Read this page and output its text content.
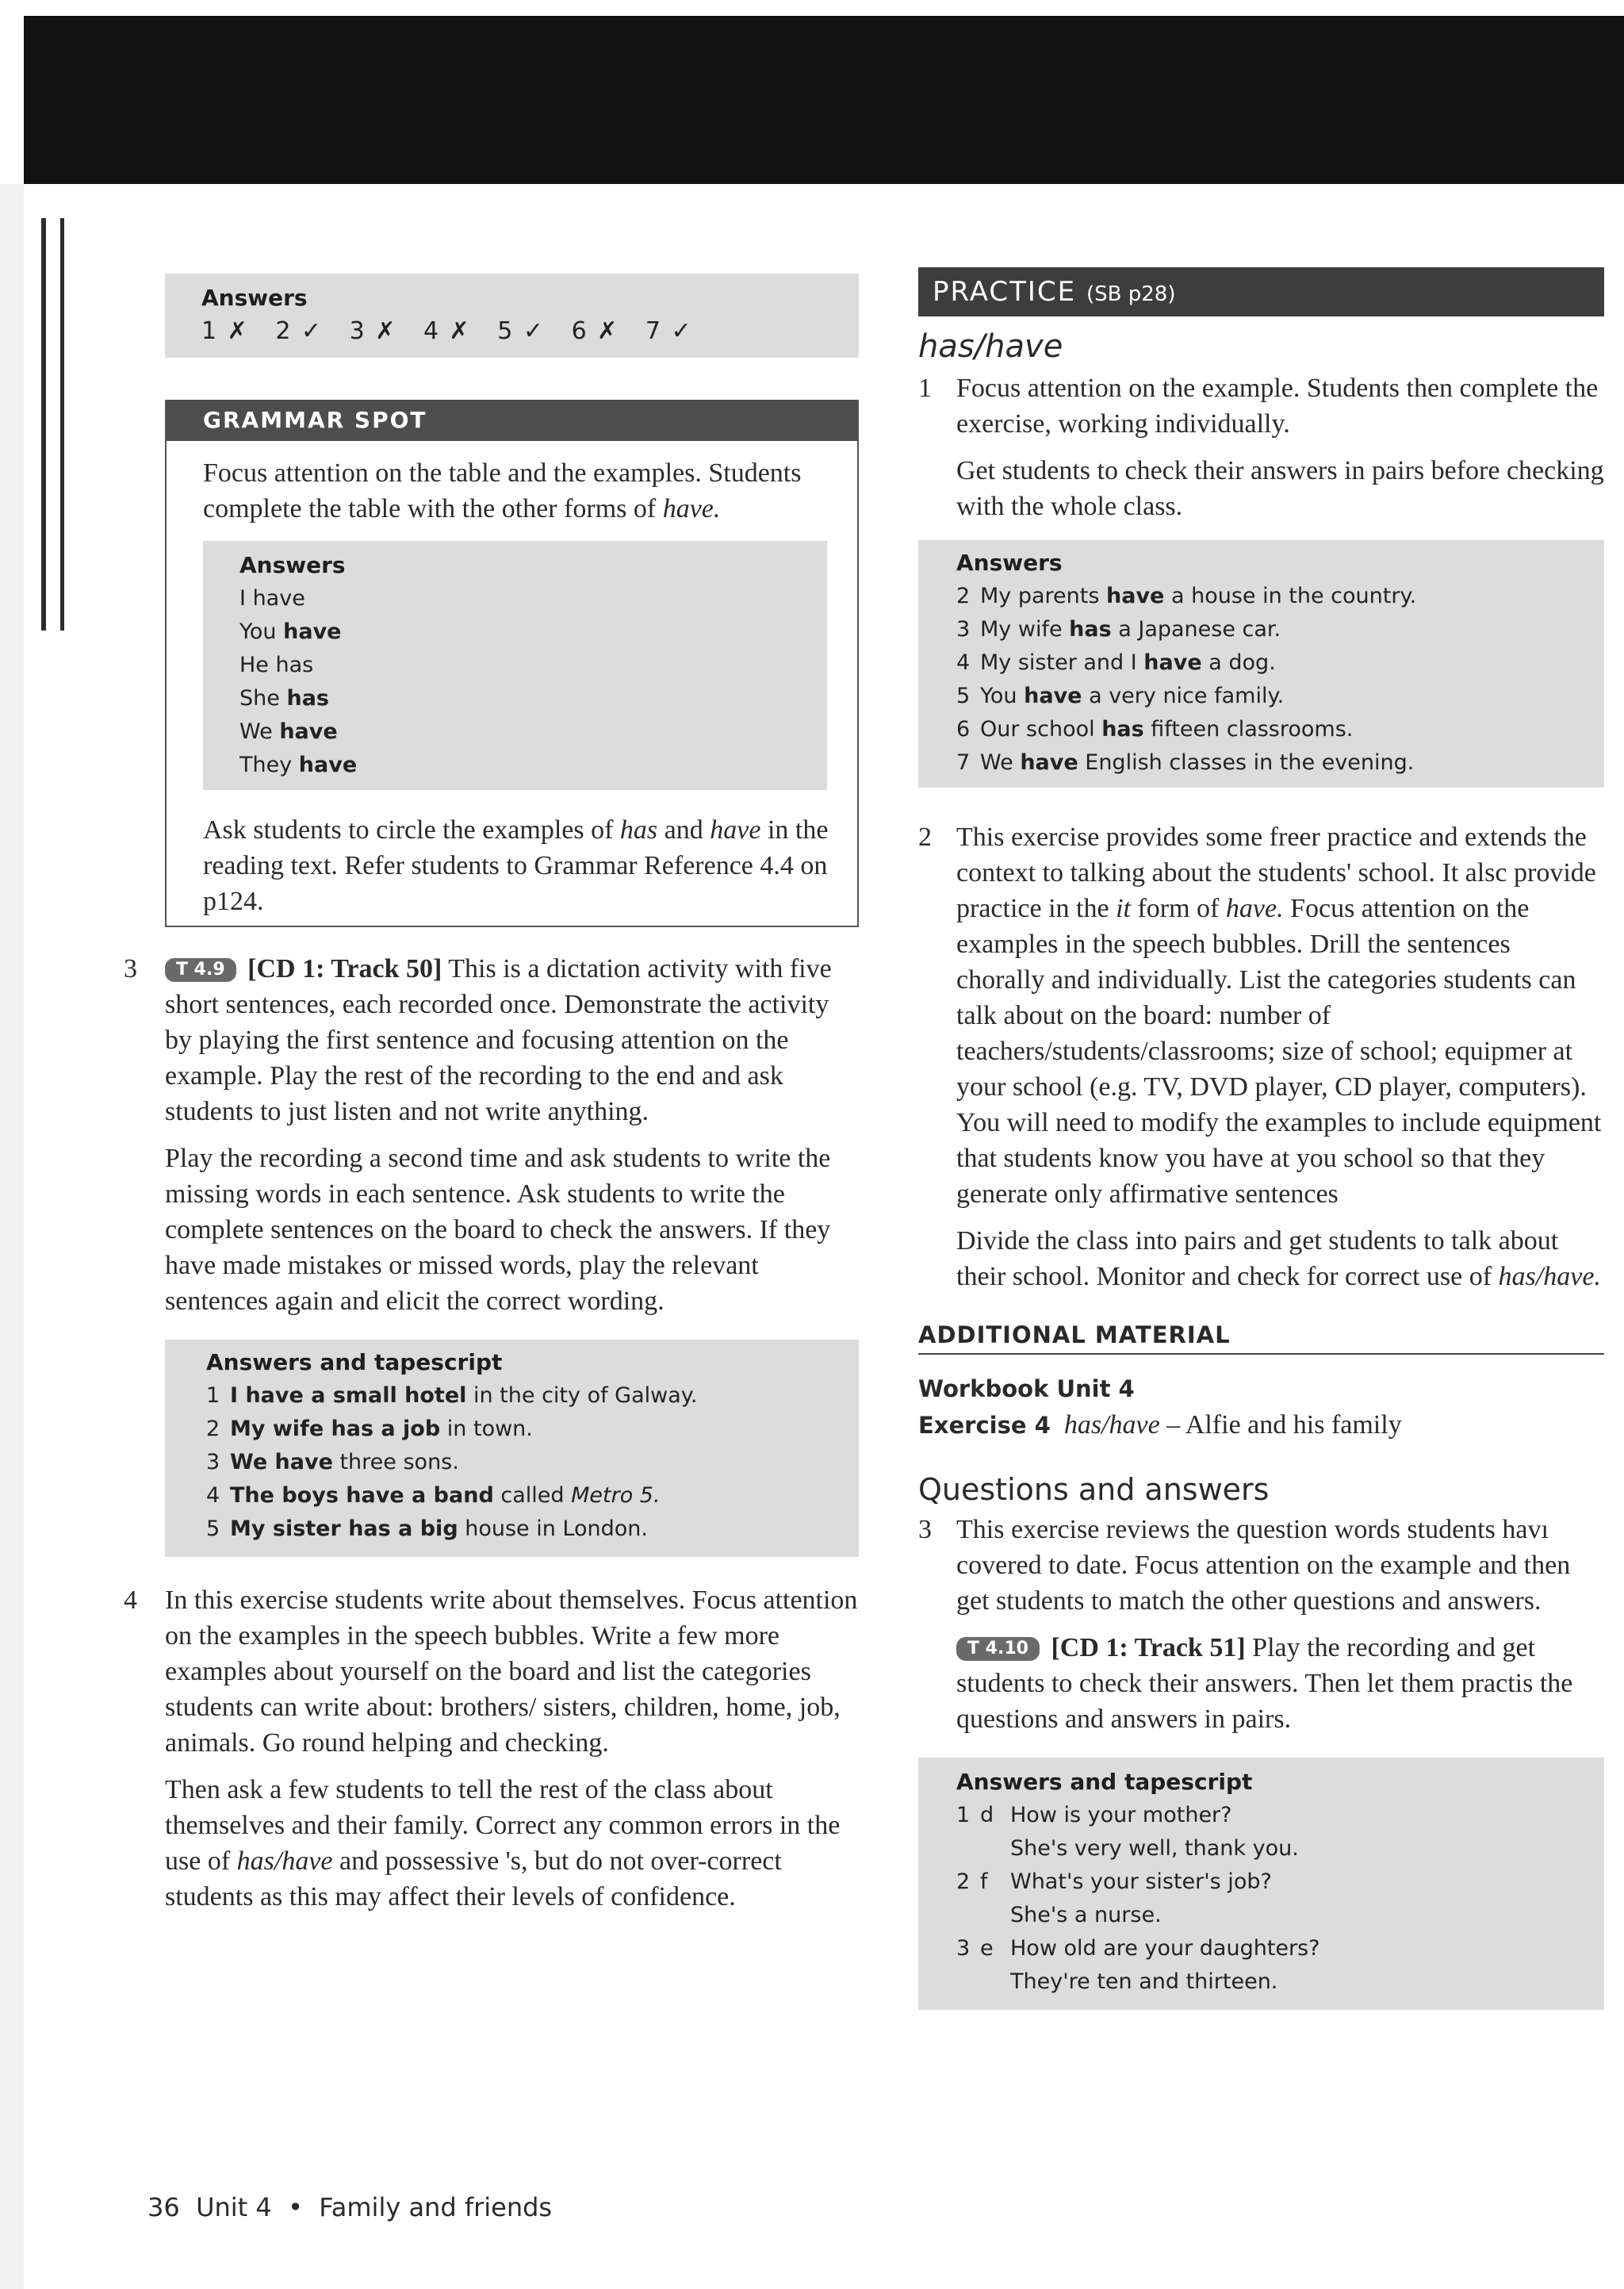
Answers
1 ✗ 2 ✓ 3 ✗ 4 ✗ 5 ✓ 6 ✗ 7 ✓
GRAMMAR SPOT

Focus attention on the table and the examples. Students complete the table with the other forms of have.

Answers
I have
You have
He has
She has
We have
They have

Ask students to circle the examples of has and have in the reading text. Refer students to Grammar Reference 4.4 on p124.

3	T 4.9 [CD 1: Track 50] This is a dictation activity with five short sentences, each recorded once. Demonstrate the activity by playing the first sentence and focusing attention on the example. Play the rest of the recording to the end and ask students to just listen and not write anything.

Play the recording a second time and ask students to write the missing words in each sentence. Ask students to write the complete sentences on the board to check the answers. If they have made mistakes or missed words, play the relevant sentences again and elicit the correct wording.

Answers and tapescript
1 I have a small hotel in the city of Galway.
2 My wife has a job in town.
3 We have three sons.
4 The boys have a band called Metro 5.
5 My sister has a big house in London.
4 In this exercise students write about themselves. Focus attention on the examples in the speech bubbles. Write a few more examples about yourself on the board and list the categories students can write about: brothers/ sisters, children, home, job, animals. Go round helping and checking.

Then ask a few students to tell the rest of the class about themselves and their family. Correct any common errors in the use of has/have and possessive 's, but do not over-correct students as this may affect their levels of confidence.

PRACTICE (SB p28)
has/have
1 Focus attention on the example. Students then complete the exercise, working individually.

Get students to check their answers in pairs before checking with the whole class.

Answers
2 My parents have a house in the country.
3 My wife has a Japanese car.
4 My sister and I have a dog.
5 You have a very nice family.
6 Our school has fifteen classrooms.
7 We have English classes in the evening.
2 This exercise provides some freer practice and extends the context to talking about the students' school. It alsc provide practice in the it form of have. Focus attention on the examples in the speech bubbles. Drill the sentences chorally and individually. List the categories students can talk about on the board: number of teachers/students/classrooms; size of school; equipmer at your school (e.g. TV, DVD player, CD player, computers). You will need to modify the examples to include equipment that students know you have at you school so that they generate only affirmative sentences

Divide the class into pairs and get students to talk about their school. Monitor and check for correct use of has/have.

ADDITIONAL MATERIAL
Workbook Unit 4

Exercise 4 has/have – Alfie and his family

Questions and answers
3 This exercise reviews the question words students havı covered to date. Focus attention on the example and then get students to match the other questions and answers.

T 4.10 [CD 1: Track 51] Play the recording and get students to check their answers. Then let them practis the questions and answers in pairs.

Answers and tapescript
1 d How is your mother?
She's very well, thank you.
2 f What's your sister's job?
She's a nurse.
3 e How old are your daughters?
They're ten and thirteen.
36 Unit 4 • Family and friends
